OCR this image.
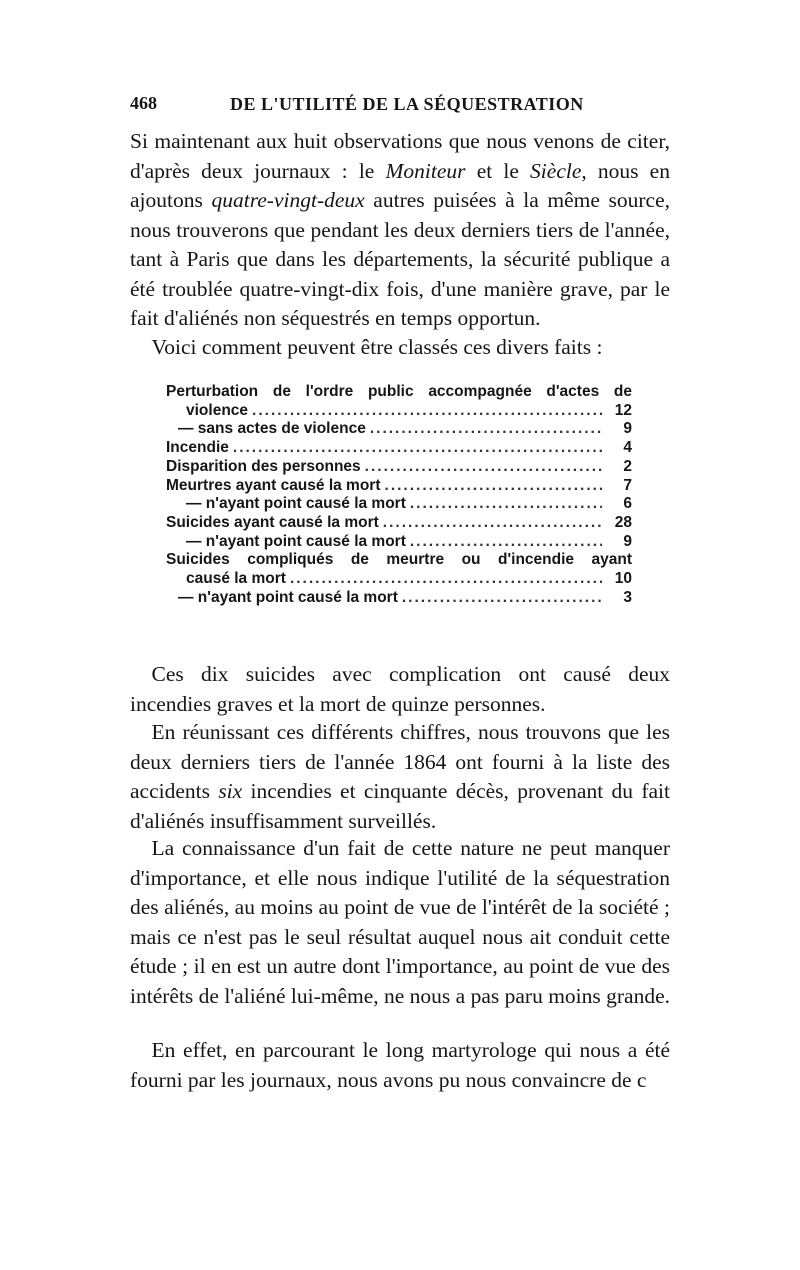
468	DE L'UTILITÉ DE LA SÉQUESTRATION

Si maintenant aux huit observations que nous venons de citer, d'après deux journaux : le Moniteur et le Siècle, nous en ajoutons quatre-vingt-deux autres puisées à la même source, nous trouverons que pendant les deux derniers tiers de l'année, tant à Paris que dans les départements, la sécurité publique a été troublée quatre-vingt-dix fois, d'une manière grave, par le fait d'aliénés non séquestrés en temps opportun.

 Voici comment peuvent être classés ces divers faits :

Perturbation de l'ordre public accompagnée d'actes de
violence .....	12
— sans actes de violence .....	9
Incendie .....	4
Disparition des personnes .....	2
Meurtres ayant causé la mort .....	7
— n'ayant point causé la mort .....	6
Suicides ayant causé la mort .....	28
— n'ayant point causé la mort .....	9
Suicides compliqués de meurtre ou d'incendie ayant
causé la mort .....	10
— n'ayant point causé la mort .....	3

 Ces dix suicides avec complication ont causé deux incendies graves et la mort de quinze personnes.

 En réunissant ces différents chiffres, nous trouvons que les deux derniers tiers de l'année 1864 ont fourni à la liste des accidents six incendies et cinquante décès, provenant du fait d'aliénés insuffisamment surveillés.

 La connaissance d'un fait de cette nature ne peut manquer d'importance, et elle nous indique l'utilité de la séquestration des aliénés, au moins au point de vue de l'intérêt de la société ; mais ce n'est pas le seul résultat auquel nous ait conduit cette étude ; il en est un autre dont l'importance, au point de vue des intérêts de l'aliéné lui-même, ne nous a pas paru moins grande.

 En effet, en parcourant le long martyrologe qui nous a été fourni par les journaux, nous avons pu nous convaincre de c
